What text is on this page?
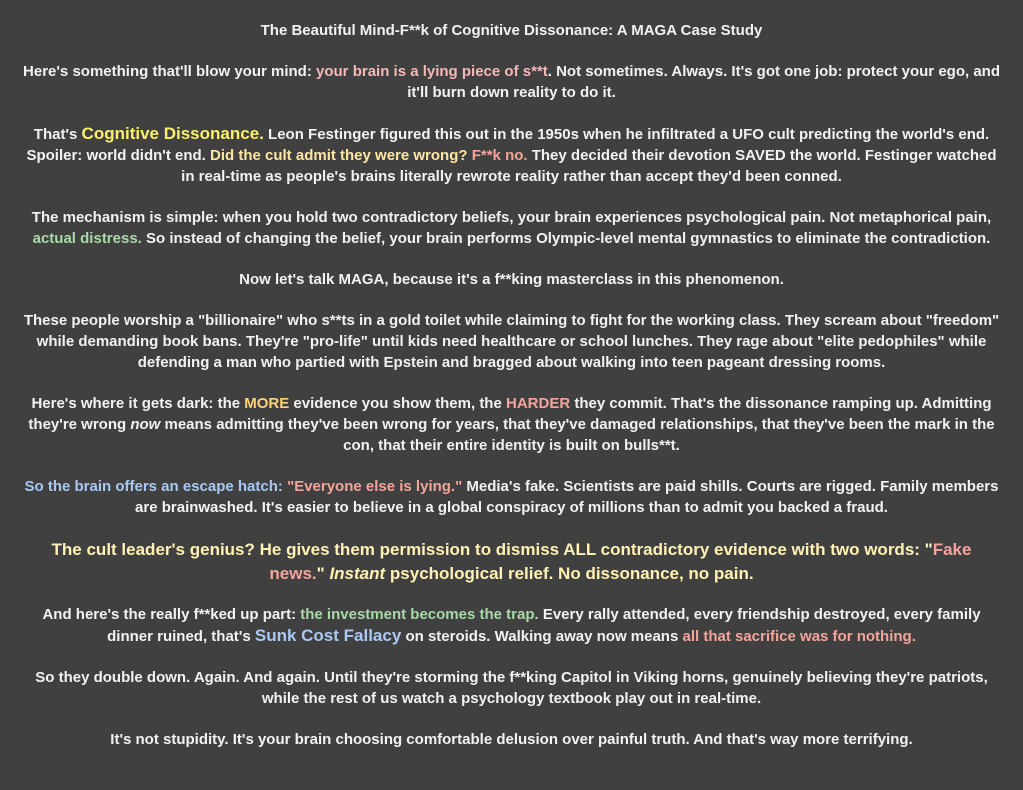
The Beautiful Mind-F**k of Cognitive Dissonance: A MAGA Case Study

Here's something that'll blow your mind: your brain is a lying piece of s**t. Not sometimes. Always. It's got one job: protect your ego, and it'll burn down reality to do it.

That's Cognitive Dissonance. Leon Festinger figured this out in the 1950s when he infiltrated a UFO cult predicting the world's end. Spoiler: world didn't end. Did the cult admit they were wrong? F**k no. They decided their devotion SAVED the world. Festinger watched in real-time as people's brains literally rewrote reality rather than accept they'd been conned.

The mechanism is simple: when you hold two contradictory beliefs, your brain experiences psychological pain. Not metaphorical pain, actual distress. So instead of changing the belief, your brain performs Olympic-level mental gymnastics to eliminate the contradiction.

Now let's talk MAGA, because it's a f**king masterclass in this phenomenon.

These people worship a "billionaire" who s**ts in a gold toilet while claiming to fight for the working class. They scream about "freedom" while demanding book bans. They're "pro-life" until kids need healthcare or school lunches. They rage about "elite pedophiles" while defending a man who partied with Epstein and bragged about walking into teen pageant dressing rooms.

Here's where it gets dark: the MORE evidence you show them, the HARDER they commit. That's the dissonance ramping up. Admitting they're wrong now means admitting they've been wrong for years, that they've damaged relationships, that they've been the mark in the con, that their entire identity is built on bulls**t.

So the brain offers an escape hatch: "Everyone else is lying." Media's fake. Scientists are paid shills. Courts are rigged. Family members are brainwashed. It's easier to believe in a global conspiracy of millions than to admit you backed a fraud.

The cult leader's genius? He gives them permission to dismiss ALL contradictory evidence with two words: "Fake news." Instant psychological relief. No dissonance, no pain.

And here's the really f**ked up part: the investment becomes the trap. Every rally attended, every friendship destroyed, every family dinner ruined, that's Sunk Cost Fallacy on steroids. Walking away now means all that sacrifice was for nothing.

So they double down. Again. And again. Until they're storming the f**king Capitol in Viking horns, genuinely believing they're patriots, while the rest of us watch a psychology textbook play out in real-time.

It's not stupidity. It's your brain choosing comfortable delusion over painful truth. And that's way more terrifying.
